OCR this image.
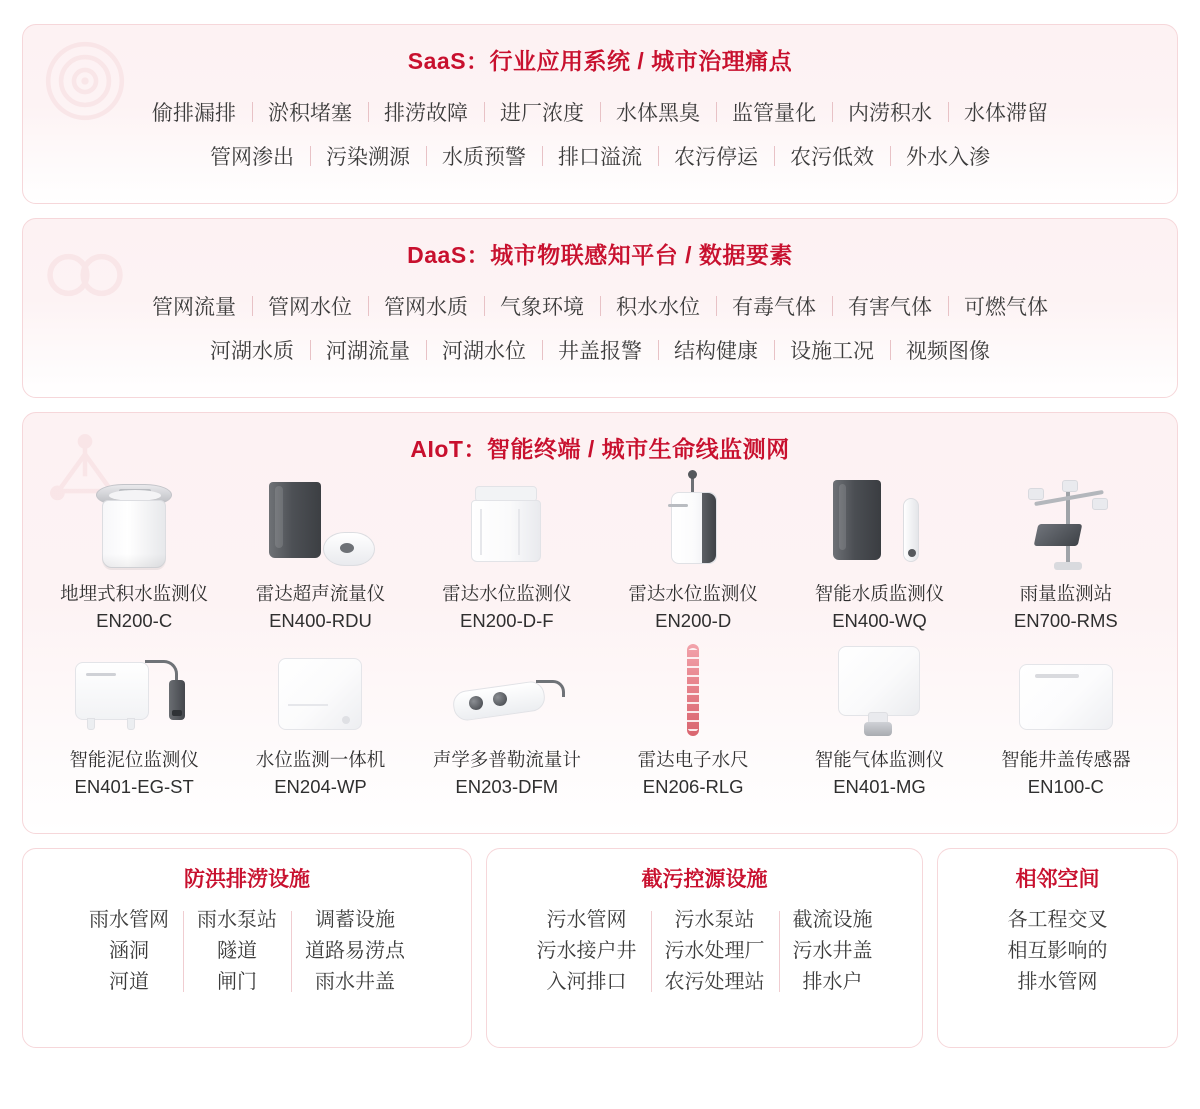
SaaS：行业应用系统 / 城市治理痛点
偷排漏排	淤积堵塞	排涝故障	进厂浓度	水体黑臭	监管量化	内涝积水	水体滞留
管网渗出	污染溯源	水质预警	排口溢流	农污停运	农污低效	外水入渗
DaaS：城市物联感知平台 / 数据要素
管网流量	管网水位	管网水质	气象环境	积水水位	有毒气体	有害气体	可燃气体
河湖水质	河湖流量	河湖水位	井盖报警	结构健康	设施工况	视频图像
AIoT：智能终端 / 城市生命线监测网
地埋式积水监测仪
EN200-C
雷达超声流量仪
EN400-RDU
雷达水位监测仪
EN200-D-F
雷达水位监测仪
EN200-D
智能水质监测仪
EN400-WQ
雨量监测站
EN700-RMS
智能泥位监测仪
EN401-EG-ST
水位监测一体机
EN204-WP
声学多普勒流量计
EN203-DFM
雷达电子水尺
EN206-RLG
智能气体监测仪
EN401-MG
智能井盖传感器
EN100-C
防洪排涝设施
雨水管网
涵洞
河道
雨水泵站
隧道
闸门
调蓄设施
道路易涝点
雨水井盖
截污控源设施
污水管网
污水接户井
入河排口
污水泵站
污水处理厂
农污处理站
截流设施
污水井盖
排水户
相邻空间
各工程交叉
相互影响的
排水管网
